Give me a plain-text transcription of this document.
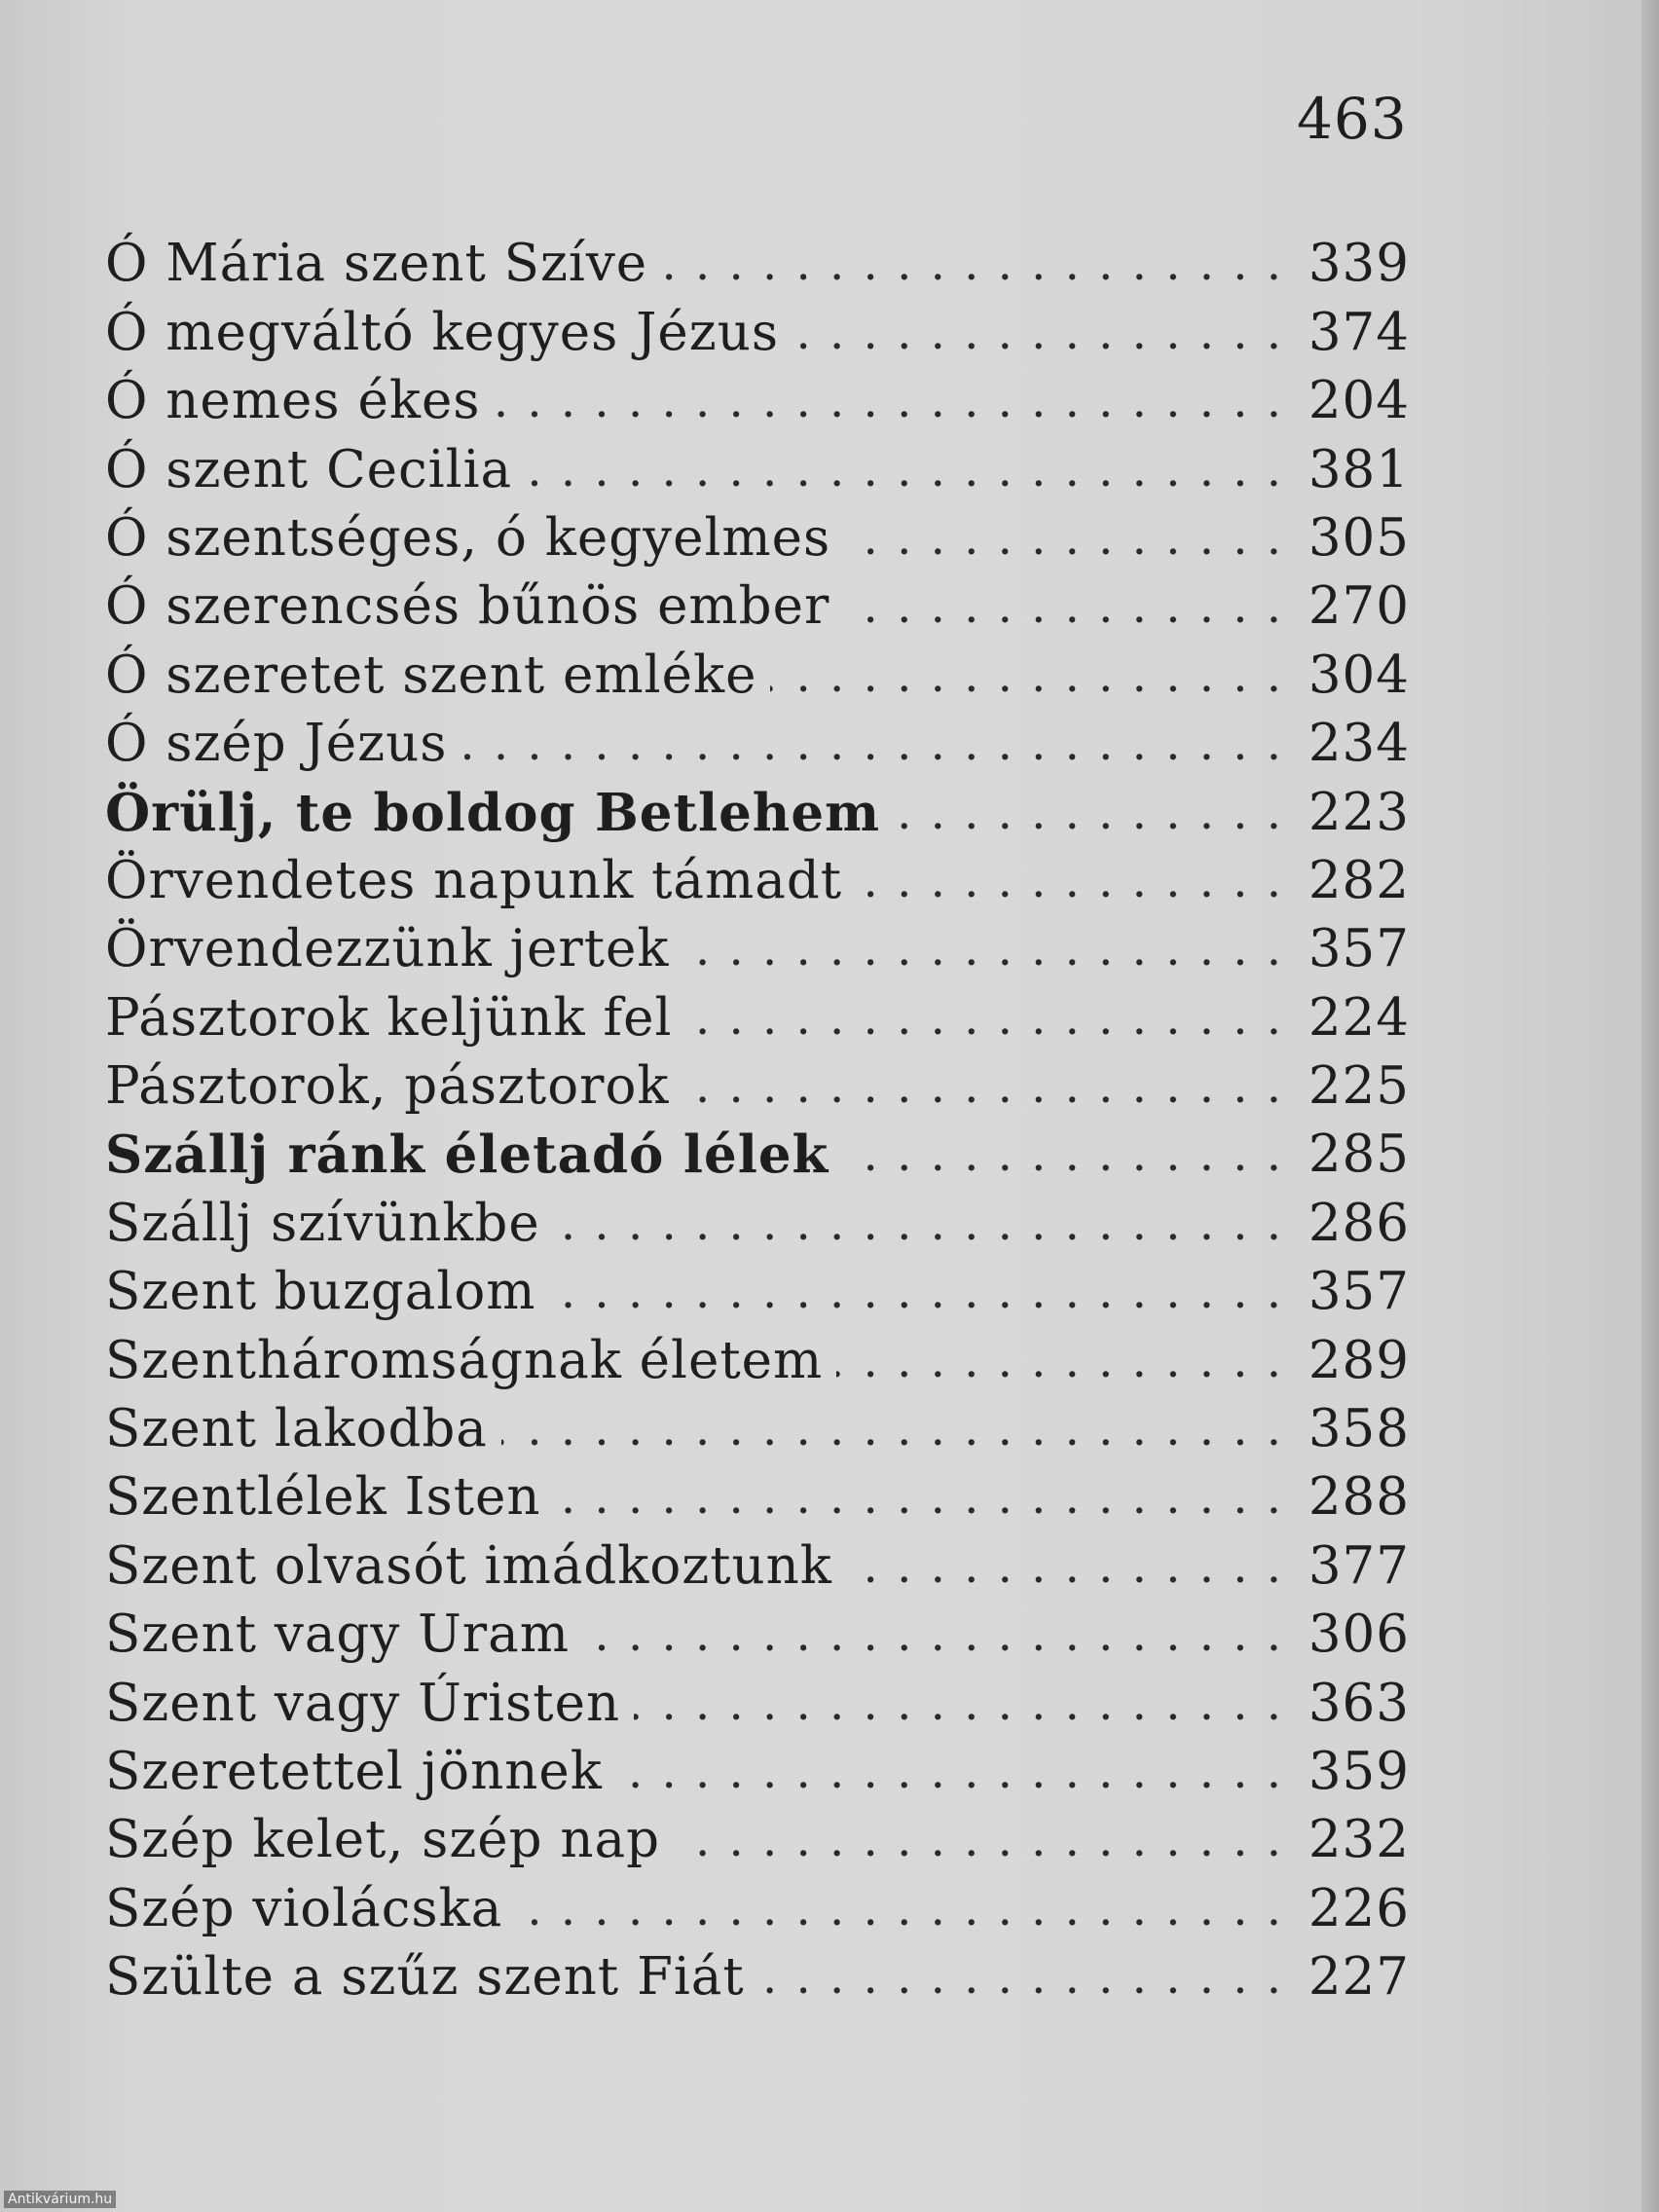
463
Ó Mária szent Szíve . . .	339
Ó megváltó kegyes Jézus . . .	374
Ó nemes ékes . . .	204
Ó szent Cecilia . . .	381
Ó szentséges, ó kegyelmes . . .	305
Ó szerencsés bűnös ember . . .	270
Ó szeretet szent emléke . . .	304
Ó szép Jézus . . .	234
Örülj, te boldog Betlehem . . .	223
Örvendetes napunk támadt . . .	282
Örvendezzünk jertek . . .	357
Pásztorok keljünk fel . . .	224
Pásztorok, pásztorok . . .	225
Szállj ránk életadó lélek . . .	285
Szállj szívünkbe . . .	286
Szent buzgalom . . .	357
Szentháromságnak életem . . .	289
Szent lakodba . . .	358
Szentlélek Isten . . .	288
Szent olvasót imádkoztunk . . .	377
Szent vagy Uram . . .	306
Szent vagy Úristen . . .	363
Szeretettel jönnek . . .	359
Szép kelet, szép nap . . .	232
Szép violácska . . .	226
Szülte a szűz szent Fiát . . .	227
Antikvárium.hu
